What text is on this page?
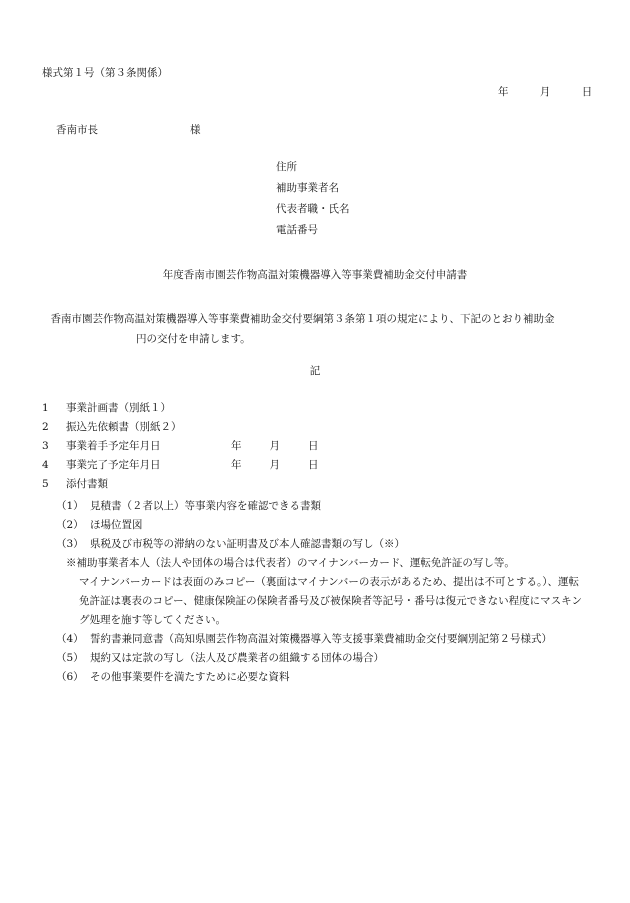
様式第１号（第３条関係）
年	月	日
香南市長	様
住所
補助事業者名
代表者職・氏名
電話番号
年度香南市園芸作物高温対策機器導入等事業費補助金交付申請書
香南市園芸作物高温対策機器導入等事業費補助金交付要綱第３条第１項の規定により、下記のとおり補助金円の交付を申請します。
記
1	事業計画書（別紙１）
2	振込先依頼書（別紙２）
3	事業着手予定年月日	年	月	日
4	事業完了予定年月日	年	月	日
5	添付書類
（1） 見積書（２者以上）等事業内容を確認できる書類
（2） ほ場位置図
（3） 県税及び市税等の滞納のない証明書及び本人確認書類の写し（※）
※補助事業者本人（法人や団体の場合は代表者）のマイナンバーカード、運転免許証の写し等。
マイナンバーカードは表面のみコピー（裏面はマイナンバーの表示があるため、提出は不可とする。）、運転免許証は裏表のコピー、健康保険証の保険者番号及び被保険者等記号・番号は復元できない程度にマスキング処理を施す等してください。
（4） 誓約書兼同意書（高知県園芸作物高温対策機器導入等支援事業費補助金交付要綱別記第２号様式）
（5） 規約又は定款の写し（法人及び農業者の組織する団体の場合）
（6） その他事業要件を満たすために必要な資料
